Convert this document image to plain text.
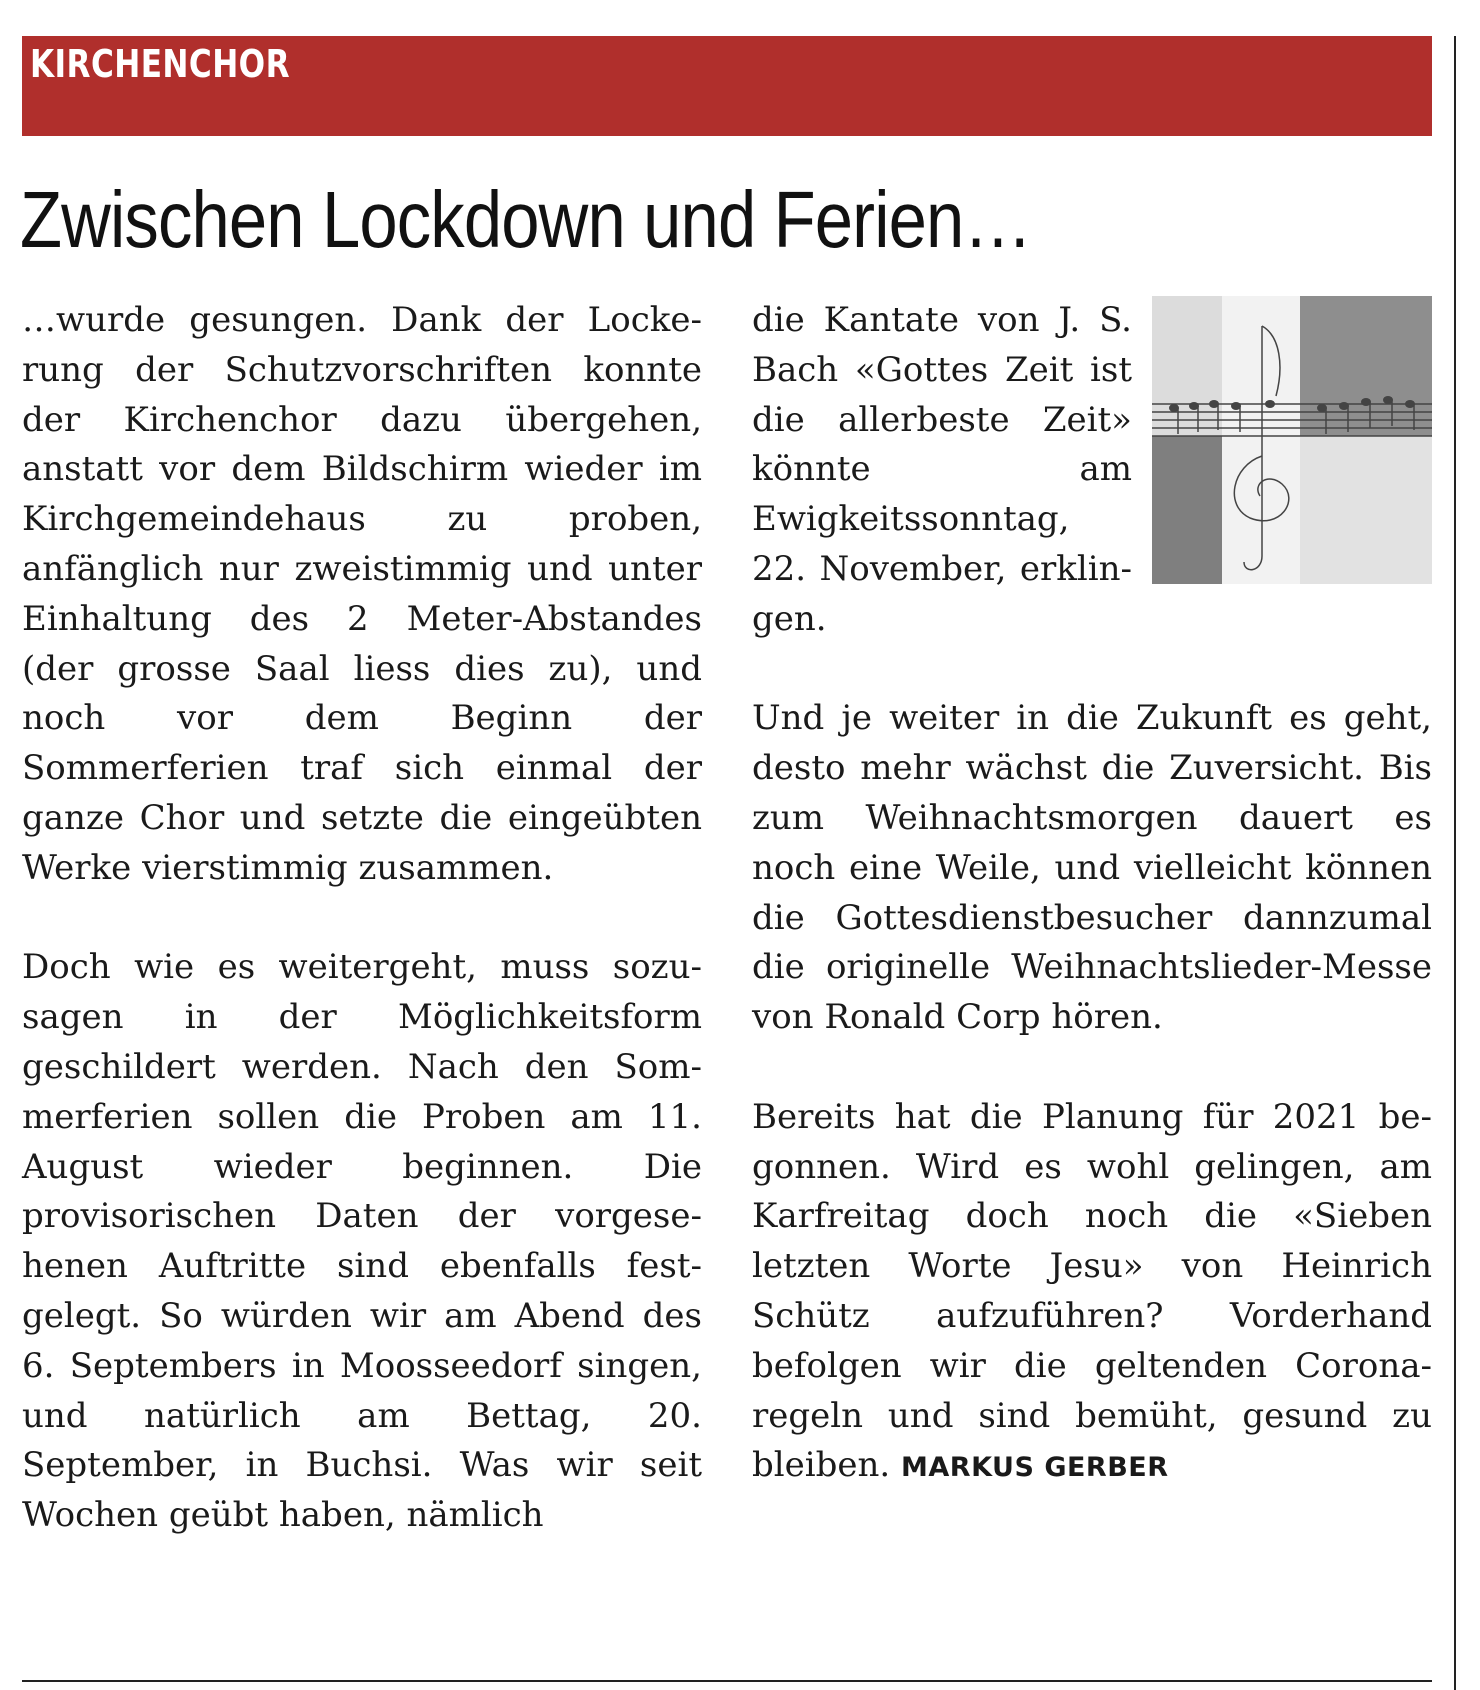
KIRCHENCHOR
Zwischen Lockdown und Ferien…

…wurde gesungen. Dank der Lockerung der Schutzvorschriften konnte der Kirchenchor dazu übergehen, anstatt vor dem Bildschirm wieder im Kirchgemeindehaus zu proben, anfänglich nur zweistimmig und unter Einhaltung des 2 Meter-Abstandes (der grosse Saal liess dies zu), und noch vor dem Beginn der Sommerferien traf sich einmal der ganze Chor und setzte die eingeübten Werke vierstimmig zusammen.

Doch wie es weitergeht, muss sozusagen in der Möglichkeitsform geschildert werden. Nach den Sommerferien sollen die Proben am 11. August wieder beginnen. Die provisorischen Daten der vorgesehenen Auftritte sind ebenfalls festgelegt. So würden wir am Abend des 6. Septembers in Moosseedorf singen, und natürlich am Bettag, 20. September, in Buchsi. Was wir seit Wochen geübt haben, nämlich

die Kantate von J. S. Bach «Gottes Zeit ist die allerbeste Zeit» könnte am Ewigkeitssonntag, 22. November, erklingen.

Und je weiter in die Zukunft es geht, desto mehr wächst die Zuversicht. Bis zum Weihnachtsmorgen dauert es noch eine Weile, und vielleicht können die Gottesdienstbesucher dannzumal die originelle Weihnachtslieder-Messe von Ronald Corp hören.

Bereits hat die Planung für 2021 begonnen. Wird es wohl gelingen, am Karfreitag doch noch die «Sieben letzten Worte Jesu» von Heinrich Schütz aufzuführen? Vorderhand befolgen wir die geltenden Coronaregeln und sind bemüht, gesund zu bleiben. MARKUS GERBER
